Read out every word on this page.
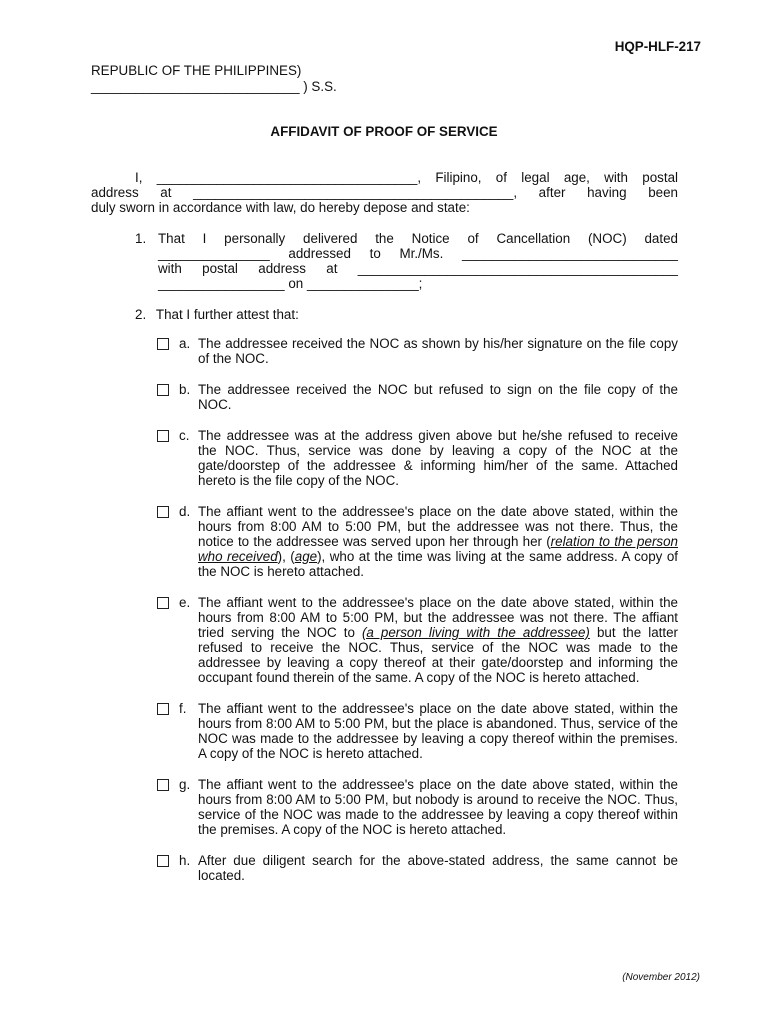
HQP-HLF-217
REPUBLIC OF THE PHILIPPINES)
____________________________ ) S.S.
AFFIDAVIT OF PROOF OF SERVICE
I, ___________________________________, Filipino, of legal age, with postal
address at ___________________________________________, after having been
duly sworn in accordance with law, do hereby depose and state:
1. That I personally delivered the Notice of Cancellation (NOC) dated
_______________ addressed to Mr./Ms. _____________________________
with postal address at ___________________________________________
_________________ on _______________;
2. That I further attest that:
a. The addressee received the NOC as shown by his/her signature on the file copy of the NOC.
b. The addressee received the NOC but refused to sign on the file copy of the NOC.
c. The addressee was at the address given above but he/she refused to receive the NOC. Thus, service was done by leaving a copy of the NOC at the gate/doorstep of the addressee & informing him/her of the same. Attached hereto is the file copy of the NOC.
d. The affiant went to the addressee's place on the date above stated, within the hours from 8:00 AM to 5:00 PM, but the addressee was not there. Thus, the notice to the addressee was served upon her through her (relation to the person who received), (age), who at the time was living at the same address. A copy of the NOC is hereto attached.
e. The affiant went to the addressee's place on the date above stated, within the hours from 8:00 AM to 5:00 PM, but the addressee was not there. The affiant tried serving the NOC to (a person living with the addressee) but the latter refused to receive the NOC. Thus, service of the NOC was made to the addressee by leaving a copy thereof at their gate/doorstep and informing the occupant found therein of the same. A copy of the NOC is hereto attached.
f. The affiant went to the addressee's place on the date above stated, within the hours from 8:00 AM to 5:00 PM, but the place is abandoned. Thus, service of the NOC was made to the addressee by leaving a copy thereof within the premises. A copy of the NOC is hereto attached.
g. The affiant went to the addressee's place on the date above stated, within the hours from 8:00 AM to 5:00 PM, but nobody is around to receive the NOC. Thus, service of the NOC was made to the addressee by leaving a copy thereof within the premises. A copy of the NOC is hereto attached.
h. After due diligent search for the above-stated address, the same cannot be located.
(November 2012)
